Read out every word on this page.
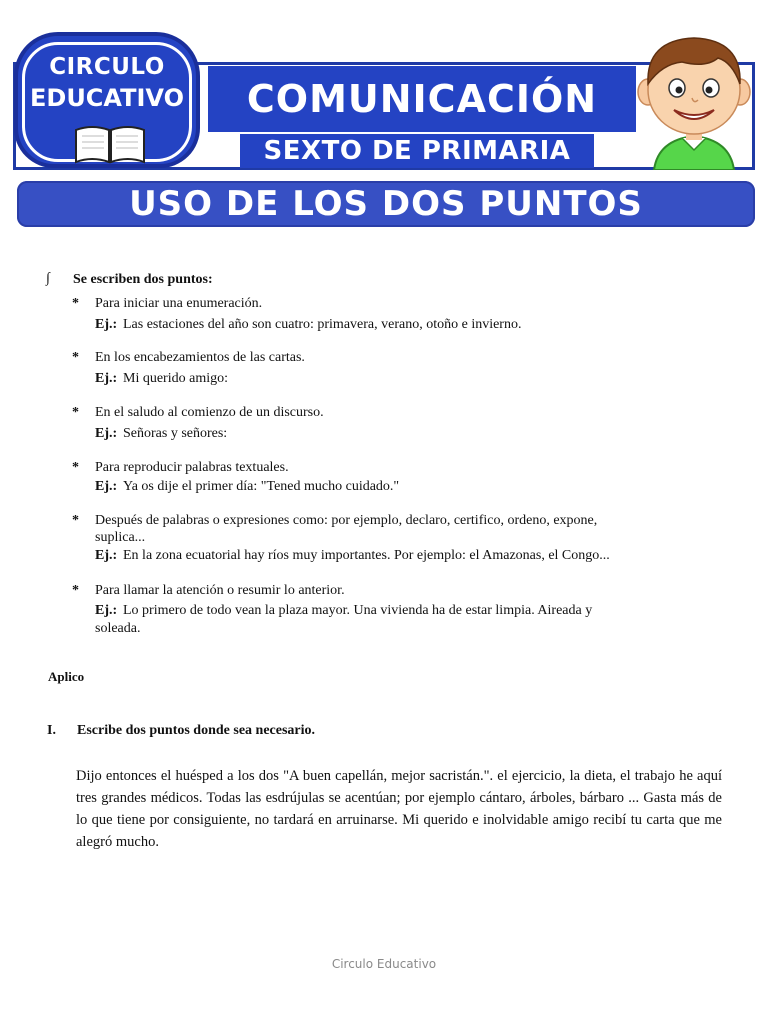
CIRCULO
EDUCATIVO	COMUNICACIÓN
SEXTO DE PRIMARIA
USO DE LOS DOS PUNTOS
∫ Se escriben dos puntos:
* Para iniciar una enumeración.
Ej.: Las estaciones del año son cuatro: primavera, verano, otoño e invierno.
* En los encabezamientos de las cartas.
Ej.: Mi querido amigo:
* En el saludo al comienzo de un discurso.
Ej.: Señoras y señores:
* Para reproducir palabras textuales.
Ej.: Ya os dije el primer día: "Tened mucho cuidado."
* Después de palabras o expresiones como: por ejemplo, declaro, certifico, ordeno, expone,
suplica...
Ej.: En la zona ecuatorial hay ríos muy importantes. Por ejemplo: el Amazonas, el Congo...
* Para llamar la atención o resumir lo anterior.
Ej.: Lo primero de todo vean la plaza mayor. Una vivienda ha de estar limpia. Aireada y
soleada.
Aplico
I. Escribe dos puntos donde sea necesario.
Dijo entonces el huésped a los dos "A buen capellán, mejor sacristán.". el ejercicio, la dieta, el trabajo he aquí tres grandes médicos. Todas las esdrújulas se acentúan; por ejemplo cántaro, árboles, bárbaro ... Gasta más de lo que tiene por consiguiente, no tardará en arruinarse. Mi querido e inolvidable amigo recibí tu carta que me alegró mucho.
Circulo Educativo
